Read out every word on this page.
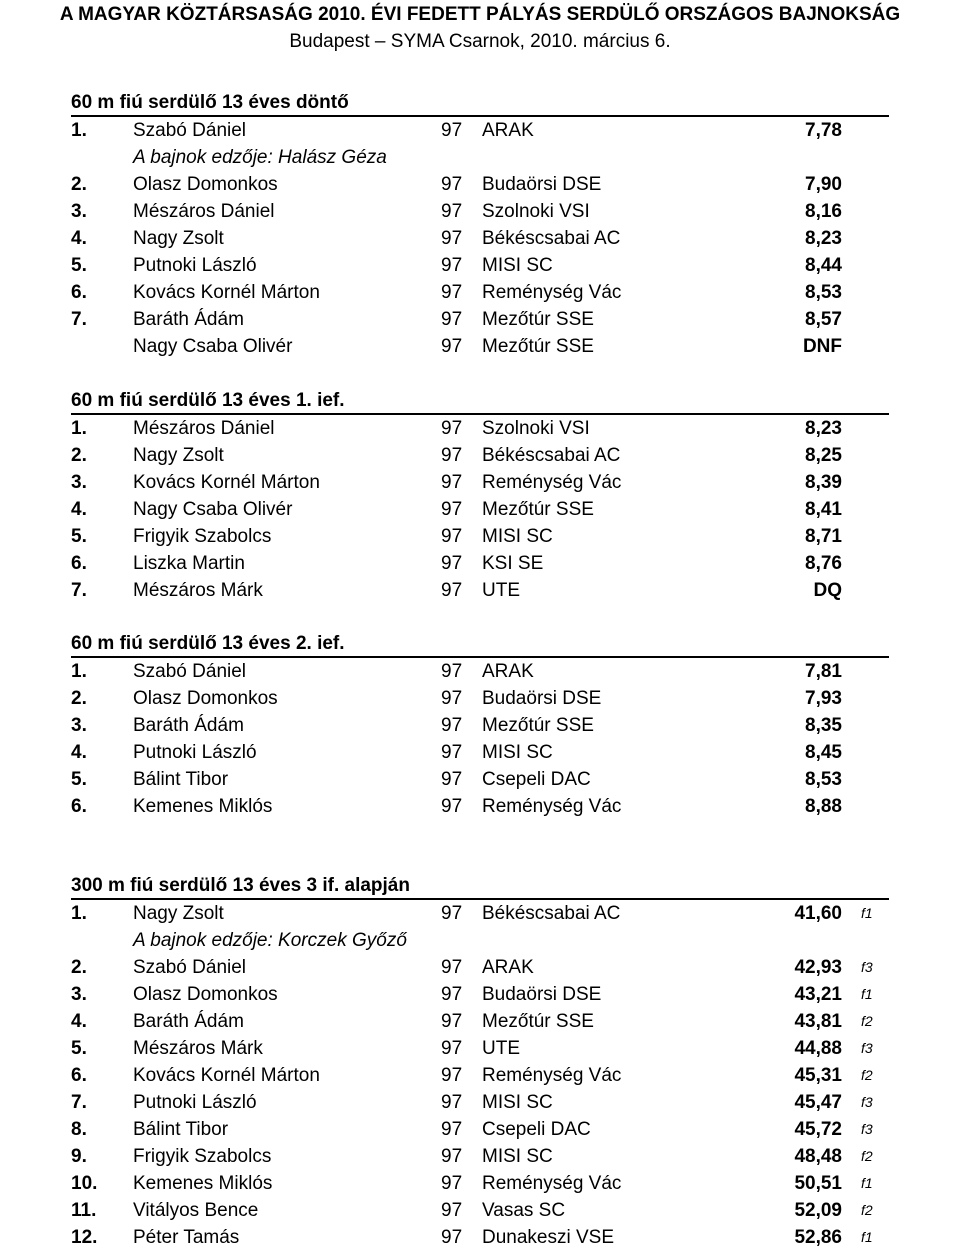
A MAGYAR KÖZTÁRSASÁG 2010. ÉVI FEDETT PÁLYÁS SERDÜLŐ ORSZÁGOS BAJNOKSÁG
Budapest – SYMA Csarnok, 2010. március 6.
60 m fiú serdülő 13 éves döntő
1. Szabó Dániel	97 ARAK	7,78
A bajnok edzője: Halász Géza
2. Olasz Domonkos	97 Budaörsi DSE	7,90
3. Mészáros Dániel	97 Szolnoki VSI	8,16
4. Nagy Zsolt	97 Békéscsabai AC	8,23
5. Putnoki László	97 MISI SC	8,44
6. Kovács Kornél Márton	97 Reménység Vác	8,53
7. Baráth Ádám	97 Mezőtúr SSE	8,57
Nagy Csaba Olivér	97 Mezőtúr SSE	DNF
60 m fiú serdülő 13 éves 1. ief.
1. Mészáros Dániel	97 Szolnoki VSI	8,23
2. Nagy Zsolt	97 Békéscsabai AC	8,25
3. Kovács Kornél Márton	97 Reménység Vác	8,39
4. Nagy Csaba Olivér	97 Mezőtúr SSE	8,41
5. Frigyik Szabolcs	97 MISI SC	8,71
6. Liszka Martin	97 KSI SE	8,76
7. Mészáros Márk	97 UTE	DQ
60 m fiú serdülő 13 éves 2. ief.
1. Szabó Dániel	97 ARAK	7,81
2. Olasz Domonkos	97 Budaörsi DSE	7,93
3. Baráth Ádám	97 Mezőtúr SSE	8,35
4. Putnoki László	97 MISI SC	8,45
5. Bálint Tibor	97 Csepeli DAC	8,53
6. Kemenes Miklós	97 Reménység Vác	8,88
300 m fiú serdülő 13 éves 3 if. alapján
1. Nagy Zsolt	97 Békéscsabai AC	41,60 f1
A bajnok edzője: Korczek Győző
2. Szabó Dániel	97 ARAK	42,93 f3
3. Olasz Domonkos	97 Budaörsi DSE	43,21 f1
4. Baráth Ádám	97 Mezőtúr SSE	43,81 f2
5. Mészáros Márk	97 UTE	44,88 f3
6. Kovács Kornél Márton	97 Reménység Vác	45,31 f2
7. Putnoki László	97 MISI SC	45,47 f3
8. Bálint Tibor	97 Csepeli DAC	45,72 f3
9. Frigyik Szabolcs	97 MISI SC	48,48 f2
10. Kemenes Miklós	97 Reménység Vác	50,51 f1
11. Vitályos Bence	97 Vasas SC	52,09 f2
12. Péter Tamás	97 Dunakeszi VSE	52,86 f1
